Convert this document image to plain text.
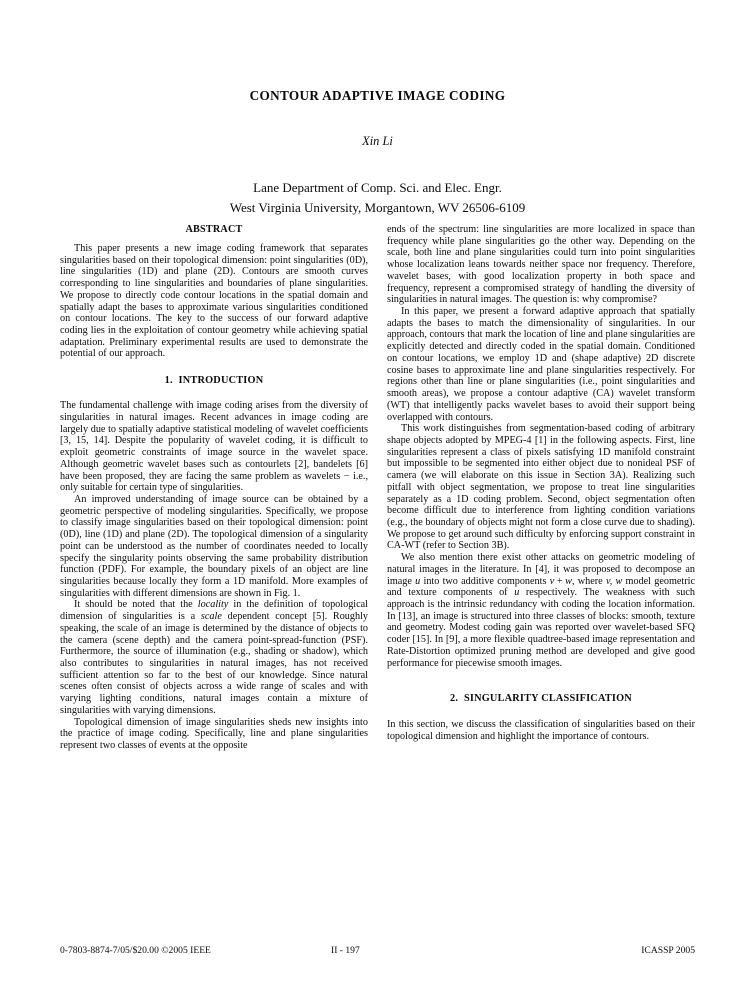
CONTOUR ADAPTIVE IMAGE CODING

Xin Li

Lane Department of Comp. Sci. and Elec. Engr.
West Virginia University, Morgantown, WV 26506-6109

ABSTRACT

This paper presents a new image coding framework that separates singularities based on their topological dimension: point singularities (0D), line singularities (1D) and plane (2D). Contours are smooth curves corresponding to line singularities and boundaries of plane singularities. We propose to directly code contour locations in the spatial domain and spatially adapt the bases to approximate various singularities conditioned on contour locations. The key to the success of our forward adaptive coding lies in the exploitation of contour geometry while achieving spatial adaptation. Preliminary experimental results are used to demonstrate the potential of our approach.

1. INTRODUCTION

The fundamental challenge with image coding arises from the diversity of singularities in natural images. Recent advances in image coding are largely due to spatially adaptive statistical modeling of wavelet coefficients [3, 15, 14]. Despite the popularity of wavelet coding, it is difficult to exploit geometric constraints of image source in the wavelet space. Although geometric wavelet bases such as contourlets [2], bandelets [6] have been proposed, they are facing the same problem as wavelets − i.e., only suitable for certain type of singularities.

An improved understanding of image source can be obtained by a geometric perspective of modeling singularities. Specifically, we propose to classify image singularities based on their topological dimension: point (0D), line (1D) and plane (2D). The topological dimension of a singularity point can be understood as the number of coordinates needed to locally specify the singularity points observing the same probability distribution function (PDF). For example, the boundary pixels of an object are line singularities because locally they form a 1D manifold. More examples of singularities with different dimensions are shown in Fig. 1.

It should be noted that the locality in the definition of topological dimension of singularities is a scale dependent concept [5]. Roughly speaking, the scale of an image is determined by the distance of objects to the camera (scene depth) and the camera point-spread-function (PSF). Furthermore, the source of illumination (e.g., shading or shadow), which also contributes to singularities in natural images, has not received sufficient attention so far to the best of our knowledge. Since natural scenes often consist of objects across a wide range of scales and with varying lighting conditions, natural images contain a mixture of singularities with varying dimensions.

Topological dimension of image singularities sheds new insights into the practice of image coding. Specifically, line and plane singularities represent two classes of events at the opposite

ends of the spectrum: line singularities are more localized in space than frequency while plane singularities go the other way. Depending on the scale, both line and plane singularities could turn into point singularities whose localization leans towards neither space nor frequency. Therefore, wavelet bases, with good localization property in both space and frequency, represent a compromised strategy of handling the diversity of singularities in natural images. The question is: why compromise?

In this paper, we present a forward adaptive approach that spatially adapts the bases to match the dimensionality of singularities. In our approach, contours that mark the location of line and plane singularities are explicitly detected and directly coded in the spatial domain. Conditioned on contour locations, we employ 1D and (shape adaptive) 2D discrete cosine bases to approximate line and plane singularities respectively. For regions other than line or plane singularities (i.e., point singularities and smooth areas), we propose a contour adaptive (CA) wavelet transform (WT) that intelligently packs wavelet bases to avoid their support being overlapped with contours.

This work distinguishes from segmentation-based coding of arbitrary shape objects adopted by MPEG-4 [1] in the following aspects. First, line singularities represent a class of pixels satisfying 1D manifold constraint but impossible to be segmented into either object due to nonideal PSF of camera (we will elaborate on this issue in Section 3A). Realizing such pitfall with object segmentation, we propose to treat line singularities separately as a 1D coding problem. Second, object segmentation often become difficult due to interference from lighting condition variations (e.g., the boundary of objects might not form a close curve due to shading). We propose to get around such difficulty by enforcing support constraint in CA-WT (refer to Section 3B).

We also mention there exist other attacks on geometric modeling of natural images in the literature. In [4], it was proposed to decompose an image u into two additive components v + w, where v, w model geometric and texture components of u respectively. The weakness with such approach is the intrinsic redundancy with coding the location information. In [13], an image is structured into three classes of blocks: smooth, texture and geometry. Modest coding gain was reported over wavelet-based SFQ coder [15]. In [9], a more flexible quadtree-based image representation and Rate-Distortion optimized pruning method are developed and give good performance for piecewise smooth images.

2. SINGULARITY CLASSIFICATION

In this section, we discuss the classification of singularities based on their topological dimension and highlight the importance of contours.

0-7803-8874-7/05/$20.00 ©2005 IEEE	II - 197	ICASSP 2005
